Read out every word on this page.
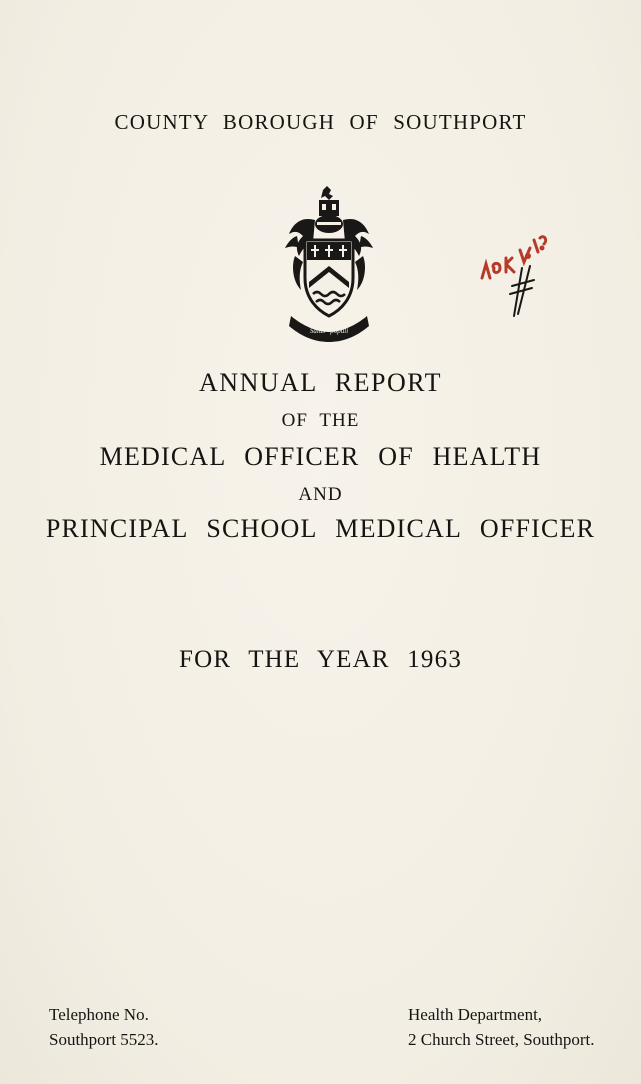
COUNTY BOROUGH OF SOUTHPORT
Salus · populi
ANNUAL REPORT
OF THE
MEDICAL OFFICER OF HEALTH
AND
PRINCIPAL SCHOOL MEDICAL OFFICER
FOR THE YEAR 1963
Telephone No.
Southport 5523.
Health Department,
2 Church Street, Southport.
